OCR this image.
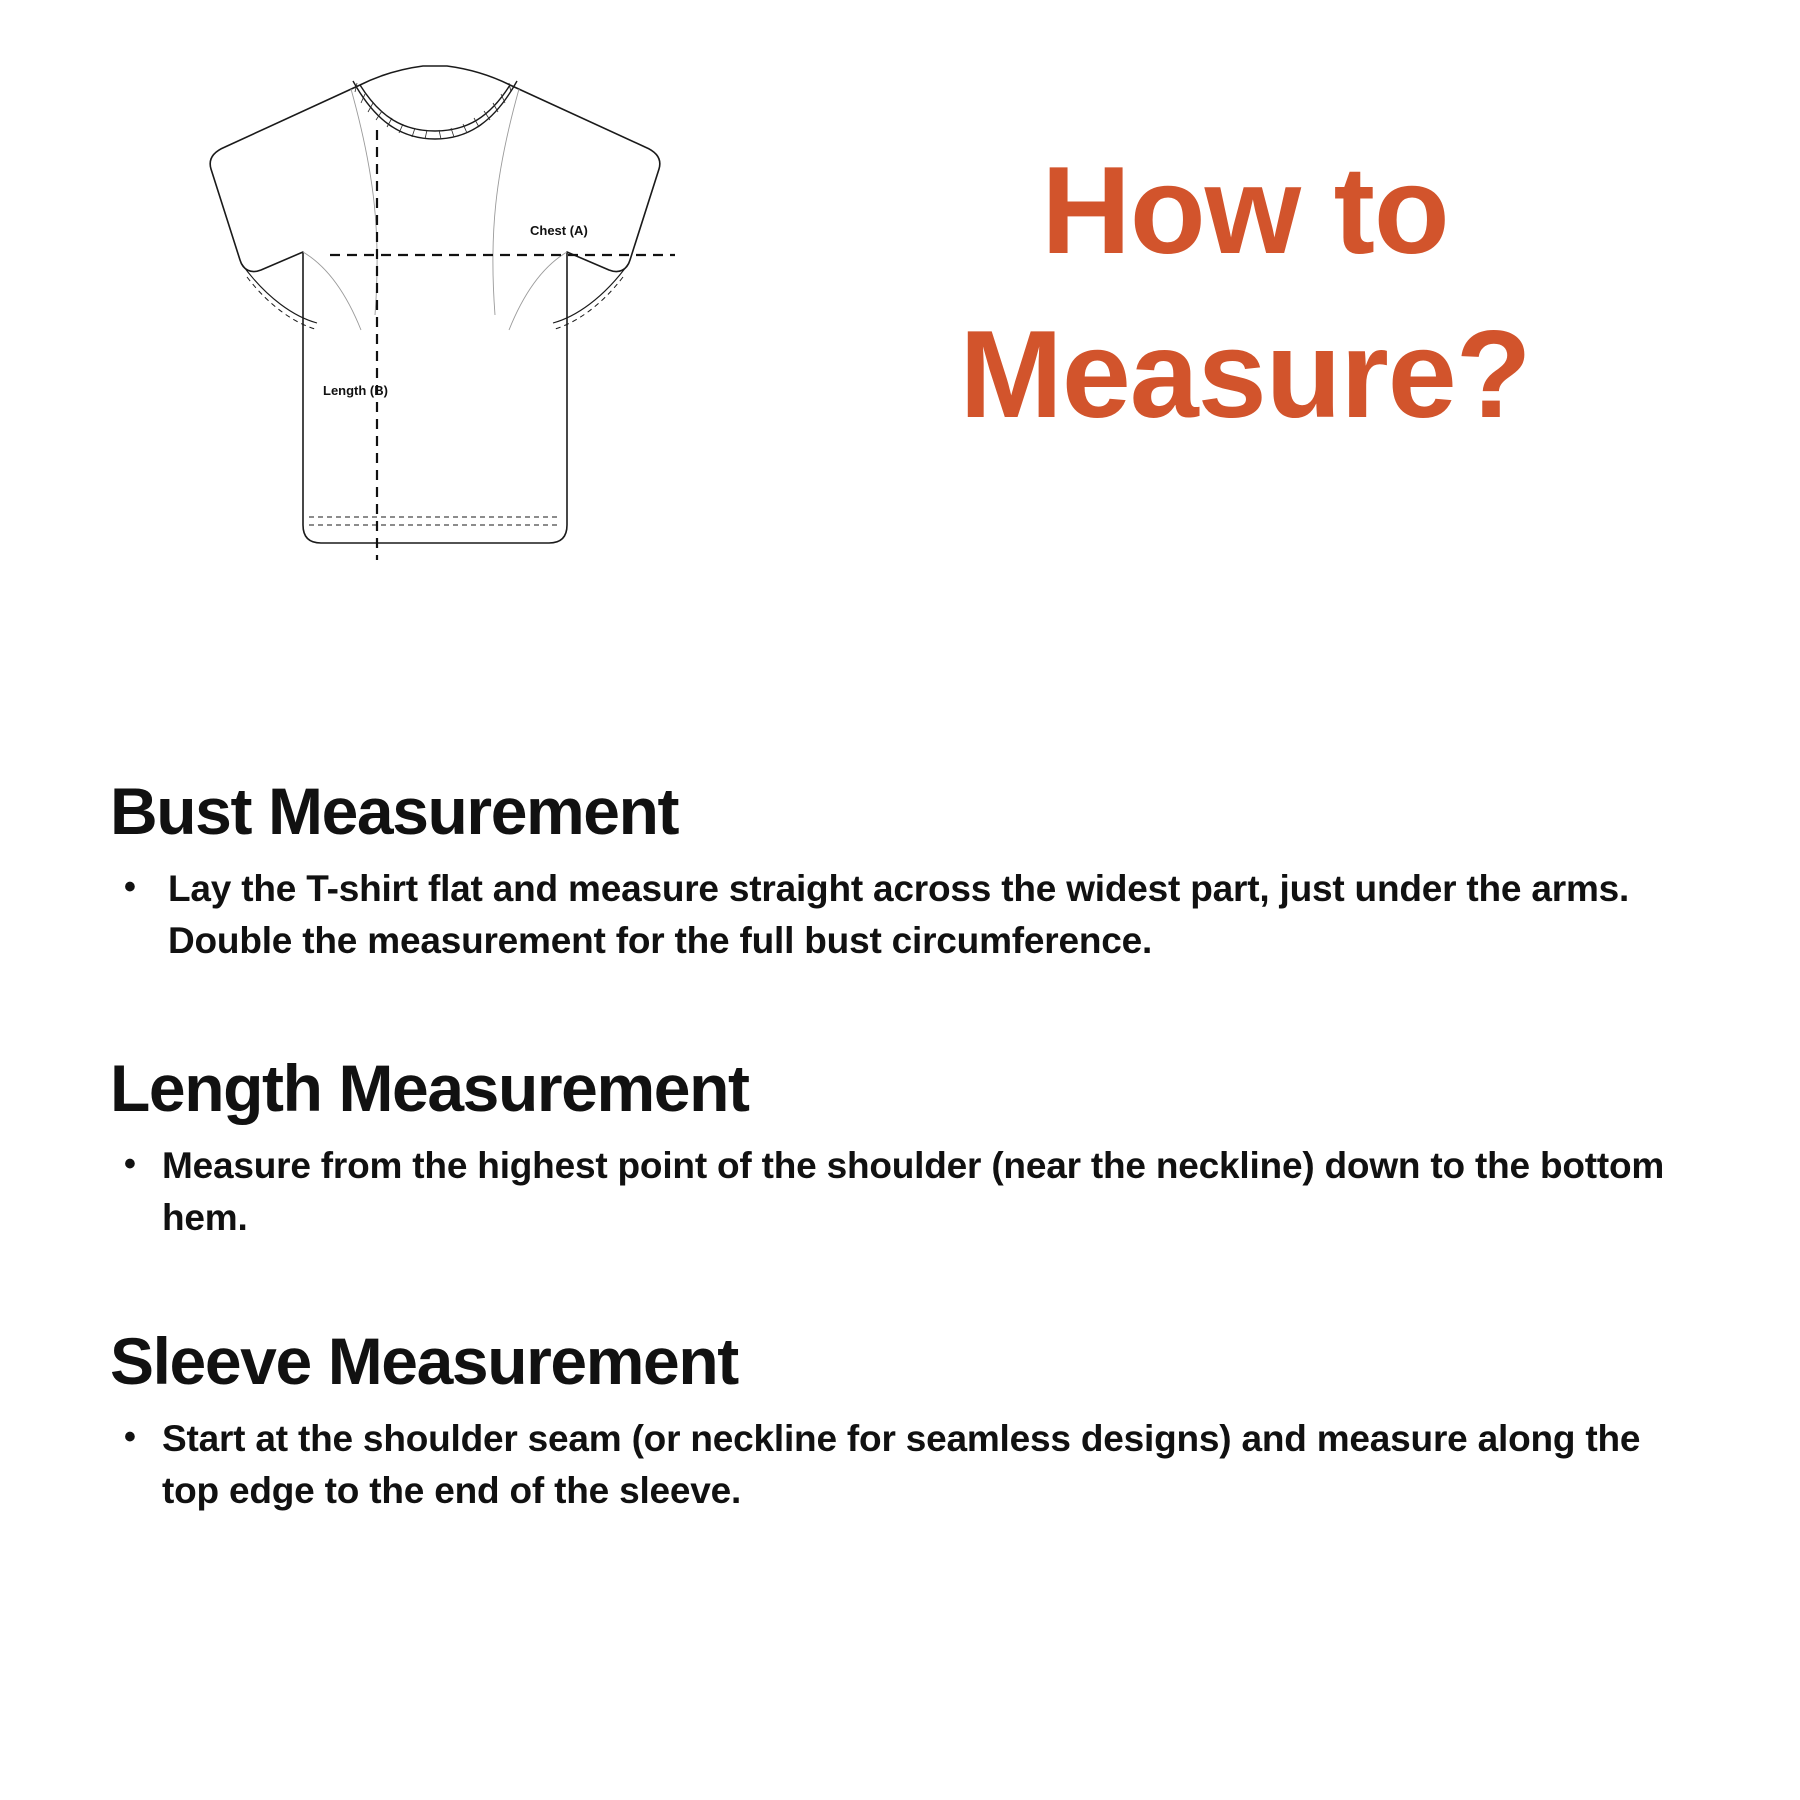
Chest (A)
Length (B)
How to
Measure?
Bust Measurement
• Lay the T-shirt flat and measure straight across the widest part, just under the arms. Double the measurement for the full bust circumference.
Length Measurement
• Measure from the highest point of the shoulder (near the neckline) down to the bottom hem.
Sleeve Measurement
• Start at the shoulder seam (or neckline for seamless designs) and measure along the top edge to the end of the sleeve.
